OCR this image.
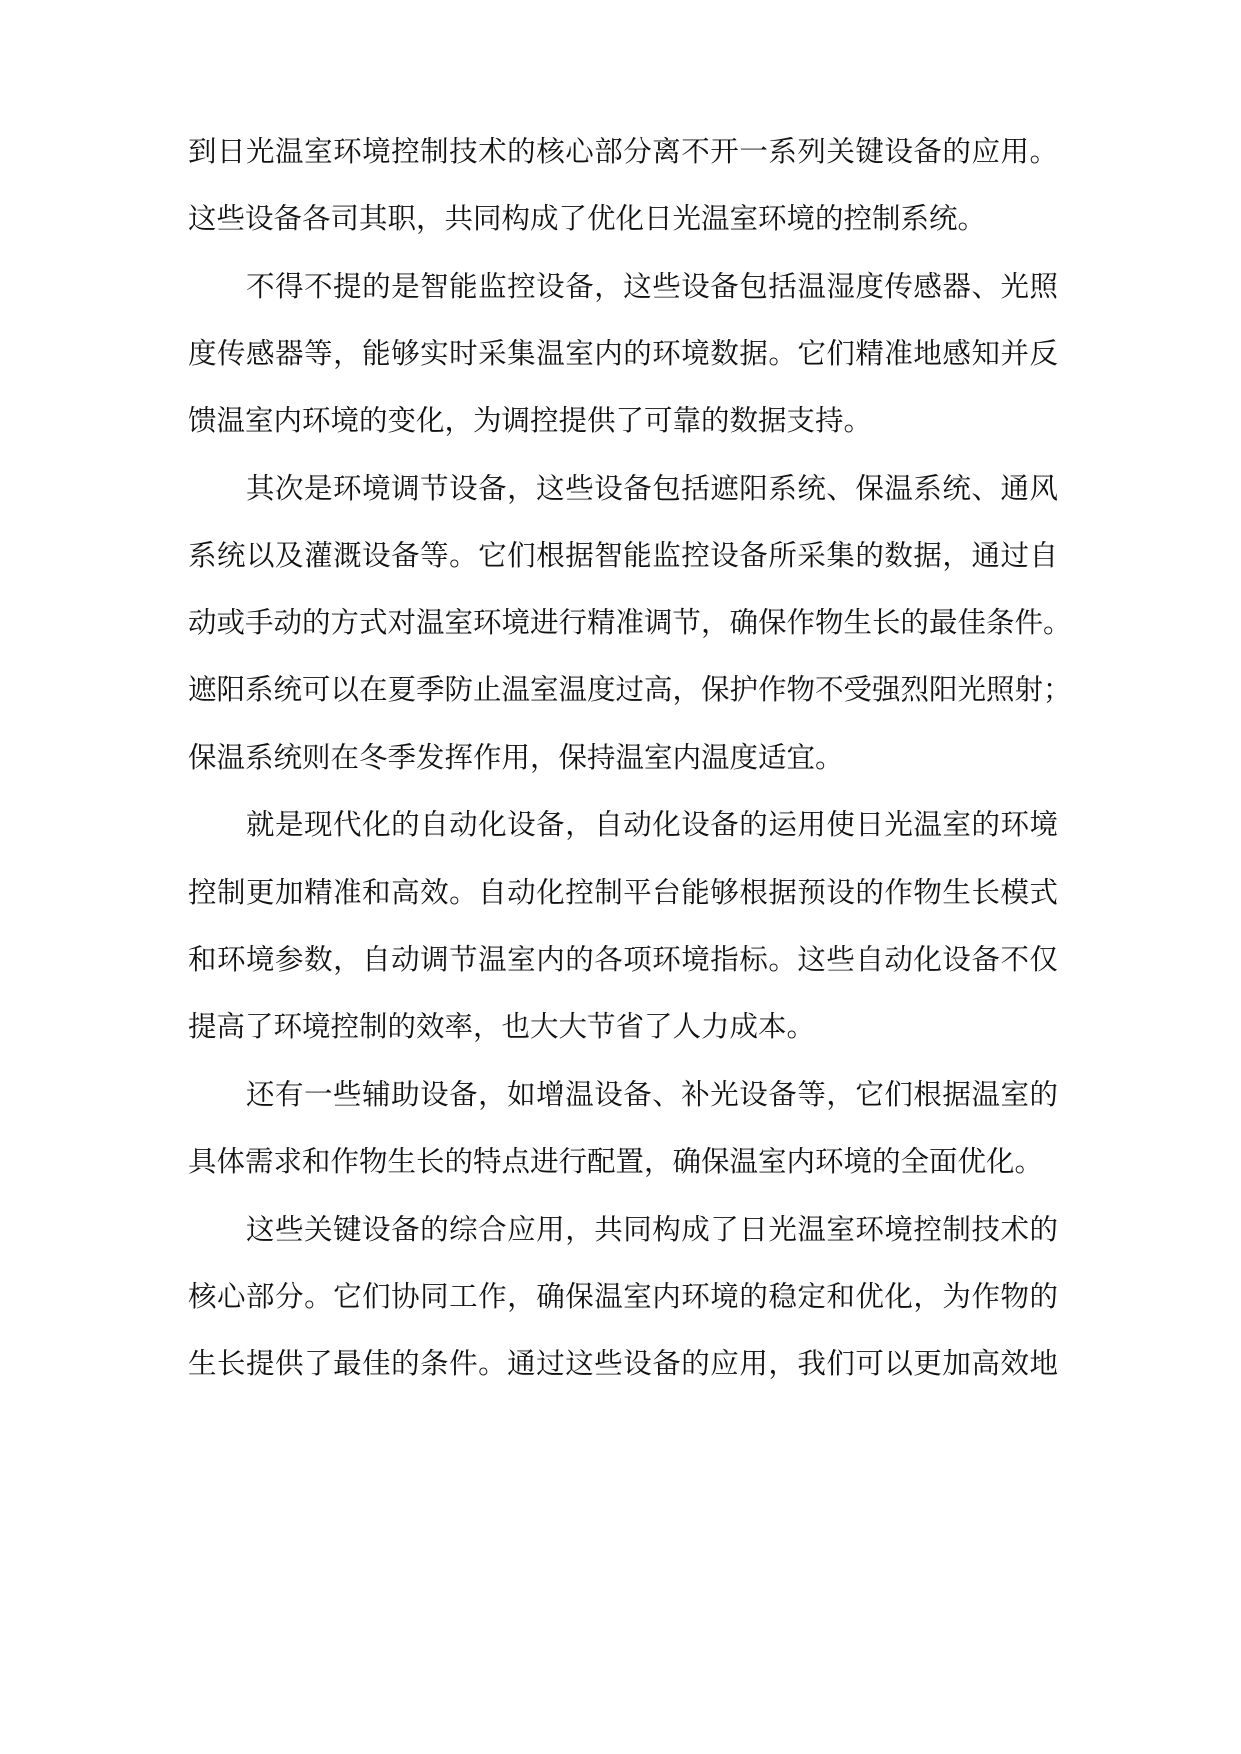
到日光温室环境控制技术的核心部分离不开一系列关键设备的应用。
这些设备各司其职，共同构成了优化日光温室环境的控制系统。
不得不提的是智能监控设备，这些设备包括温湿度传感器、光照
度传感器等，能够实时采集温室内的环境数据。它们精准地感知并反
馈温室内环境的变化，为调控提供了可靠的数据支持。
其次是环境调节设备，这些设备包括遮阳系统、保温系统、通风
系统以及灌溉设备等。它们根据智能监控设备所采集的数据，通过自
动或手动的方式对温室环境进行精准调节，确保作物生长的最佳条件。
遮阳系统可以在夏季防止温室温度过高，保护作物不受强烈阳光照射；
保温系统则在冬季发挥作用，保持温室内温度适宜。
就是现代化的自动化设备，自动化设备的运用使日光温室的环境
控制更加精准和高效。自动化控制平台能够根据预设的作物生长模式
和环境参数，自动调节温室内的各项环境指标。这些自动化设备不仅
提高了环境控制的效率，也大大节省了人力成本。
还有一些辅助设备，如增温设备、补光设备等，它们根据温室的
具体需求和作物生长的特点进行配置，确保温室内环境的全面优化。
这些关键设备的综合应用，共同构成了日光温室环境控制技术的
核心部分。它们协同工作，确保温室内环境的稳定和优化，为作物的
生长提供了最佳的条件。通过这些设备的应用，我们可以更加高效地
